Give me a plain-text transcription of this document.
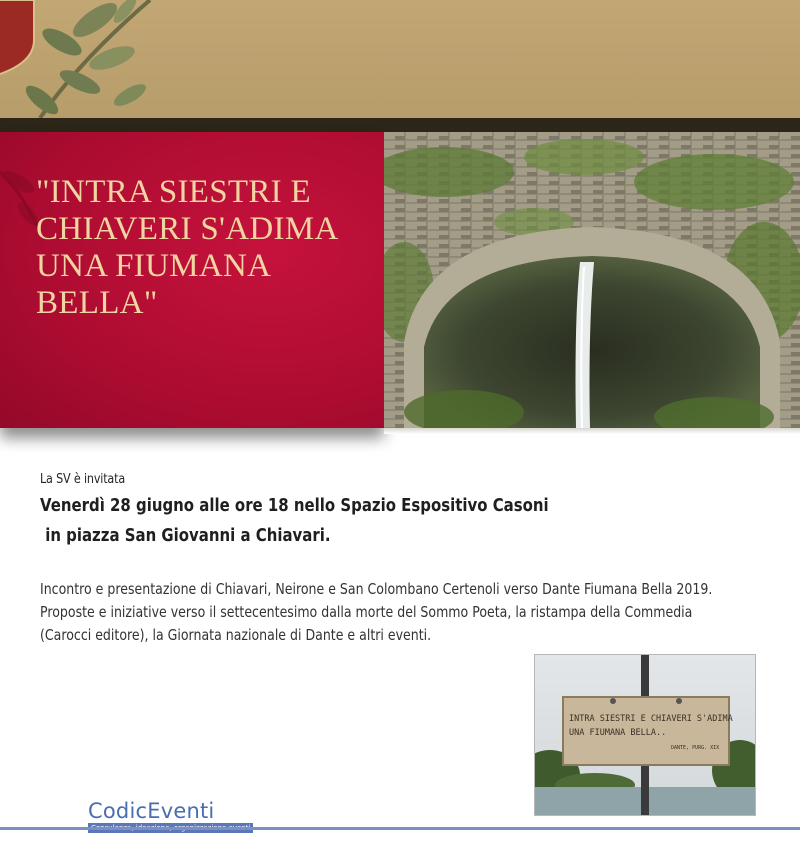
"INTRA SIESTRI E CHIAVERI S'ADIMA UNA FIUMANA BELLA"
La SV è invitata
Venerdì 28 giugno alle ore 18 nello Spazio Espositivo Casoni
in piazza San Giovanni a Chiavari.

Incontro e presentazione di Chiavari, Neirone e San Colombano Certenoli verso Dante Fiumana Bella 2019.

Proposte e iniziative verso il settecentesimo dalla morte del Sommo Poeta, la ristampa della Commedia

(Carocci editore), la Giornata nazionale di Dante e altri eventi.

INTRA SIESTRI E CHIAVERI S'ADIMA
UNA FIUMANA BELLA..
DANTE, PURG. XIX
CodicEventi
